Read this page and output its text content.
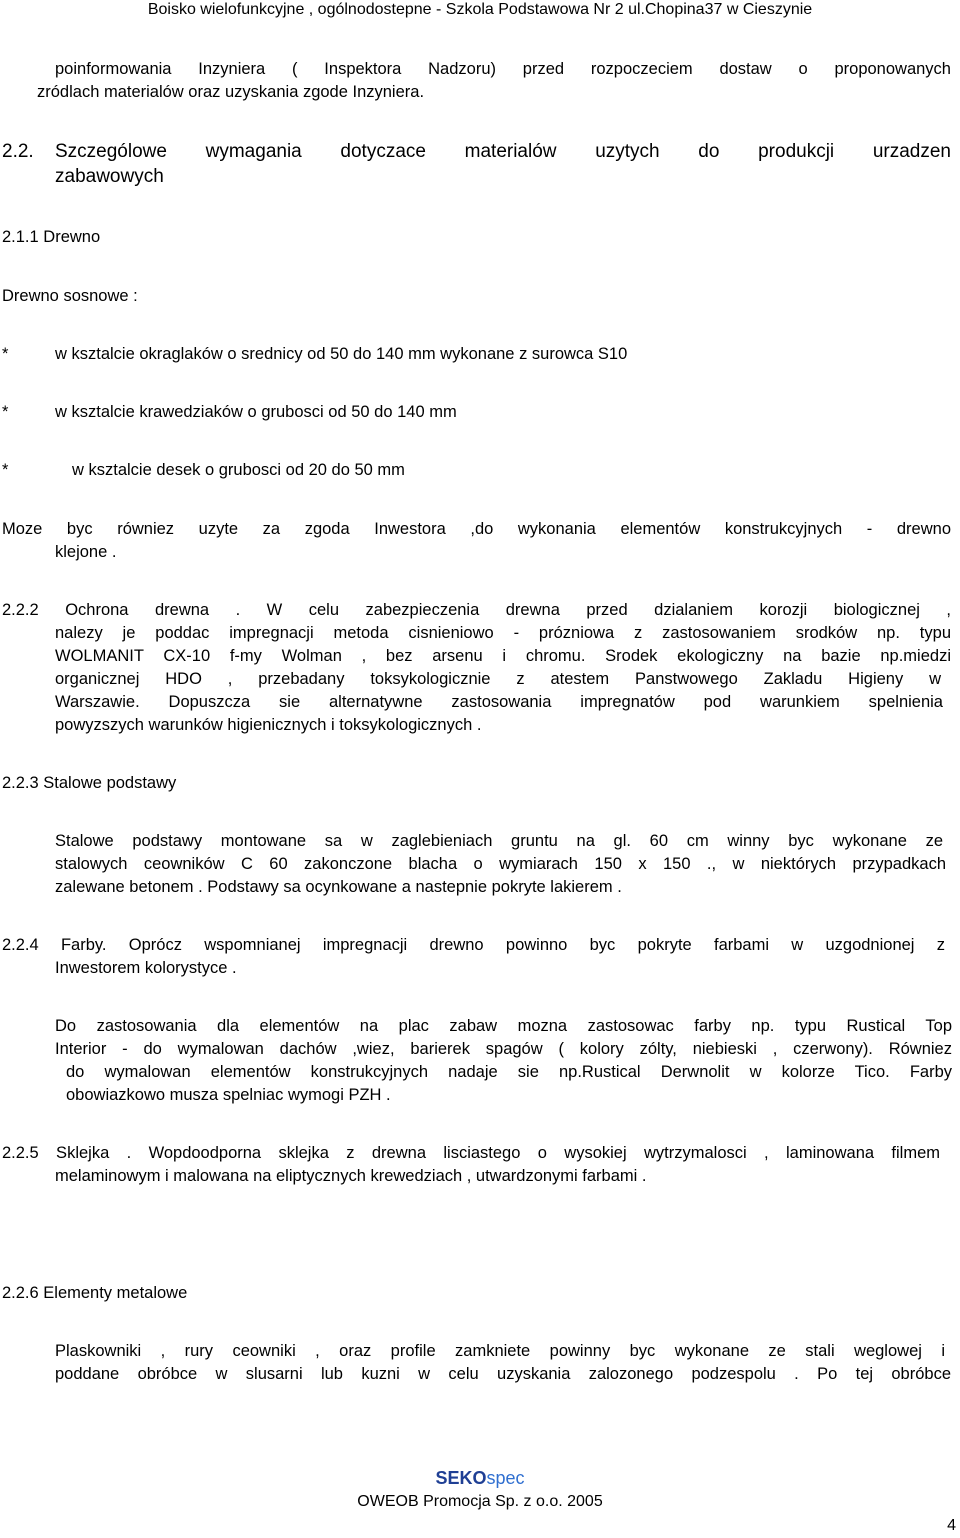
Boisko wielofunkcyjne , ogólnodostepne - Szkola Podstawowa Nr 2 ul.Chopina37 w Cieszynie
poinformowania Inzyniera ( Inspektora Nadzoru) przed rozpoczeciem dostaw o proponowanych
zródlach materialów oraz uzyskania zgode Inzyniera.
2.2. Szczególowe wymagania dotyczace materialów uzytych do produkcji urzadzen
zabawowych
2.1.1 Drewno
Drewno sosnowe :
*	w ksztalcie okraglaków o srednicy od 50 do 140 mm wykonane z surowca S10
*	w ksztalcie krawedziaków o grubosci od 50 do 140 mm
*	w ksztalcie desek o grubosci od 20 do 50 mm
Moze byc równiez uzyte za zgoda Inwestora ,do wykonania elementów konstrukcyjnych - drewno
klejone .
2.2.2 Ochrona drewna . W celu zabezpieczenia drewna przed dzialaniem korozji biologicznej ,
nalezy je poddac impregnacji metoda cisnieniowo - prózniowa z zastosowaniem srodków np. typu
WOLMANIT CX-10 f-my Wolman , bez arsenu i chromu. Srodek ekologiczny na bazie np.miedzi
organicznej HDO , przebadany toksykologicznie z atestem Panstwowego Zakladu Higieny w
Warszawie. Dopuszcza sie alternatywne zastosowania impregnatów pod warunkiem spelnienia
powyzszych warunków higienicznych i toksykologicznych .
2.2.3 Stalowe podstawy
Stalowe podstawy montowane sa w zaglebieniach gruntu na gl. 60 cm winny byc wykonane ze
stalowych ceowników C 60 zakonczone blacha o wymiarach 150 x 150 ., w niektórych przypadkach
zalewane betonem . Podstawy sa ocynkowane a nastepnie pokryte lakierem .
2.2.4 Farby. Oprócz wspomnianej impregnacji drewno powinno byc pokryte farbami w uzgodnionej z
Inwestorem kolorystyce .
Do zastosowania dla elementów na plac zabaw mozna zastosowac farby np. typu Rustical Top
Interior - do wymalowan dachów ,wiez, barierek spagów ( kolory zólty, niebieski , czerwony). Równiez
do wymalowan elementów konstrukcyjnych nadaje sie np.Rustical Derwnolit w kolorze Tico. Farby
obowiazkowo musza spelniac wymogi PZH .
2.2.5 Sklejka . Wopdoodporna sklejka z drewna lisciastego o wysokiej wytrzymalosci , laminowana filmem
melaminowym i malowana na eliptycznych krewedziach , utwardzonymi farbami .
2.2.6 Elementy metalowe
Plaskowniki , rury ceowniki , oraz profile zamkniete powinny byc wykonane ze stali weglowej i
poddane obróbce w slusarni lub kuzni w celu uzyskania zalozonego podzespolu . Po tej obróbce
SEKOspec
OWEOB Promocja Sp. z o.o. 2005
4
